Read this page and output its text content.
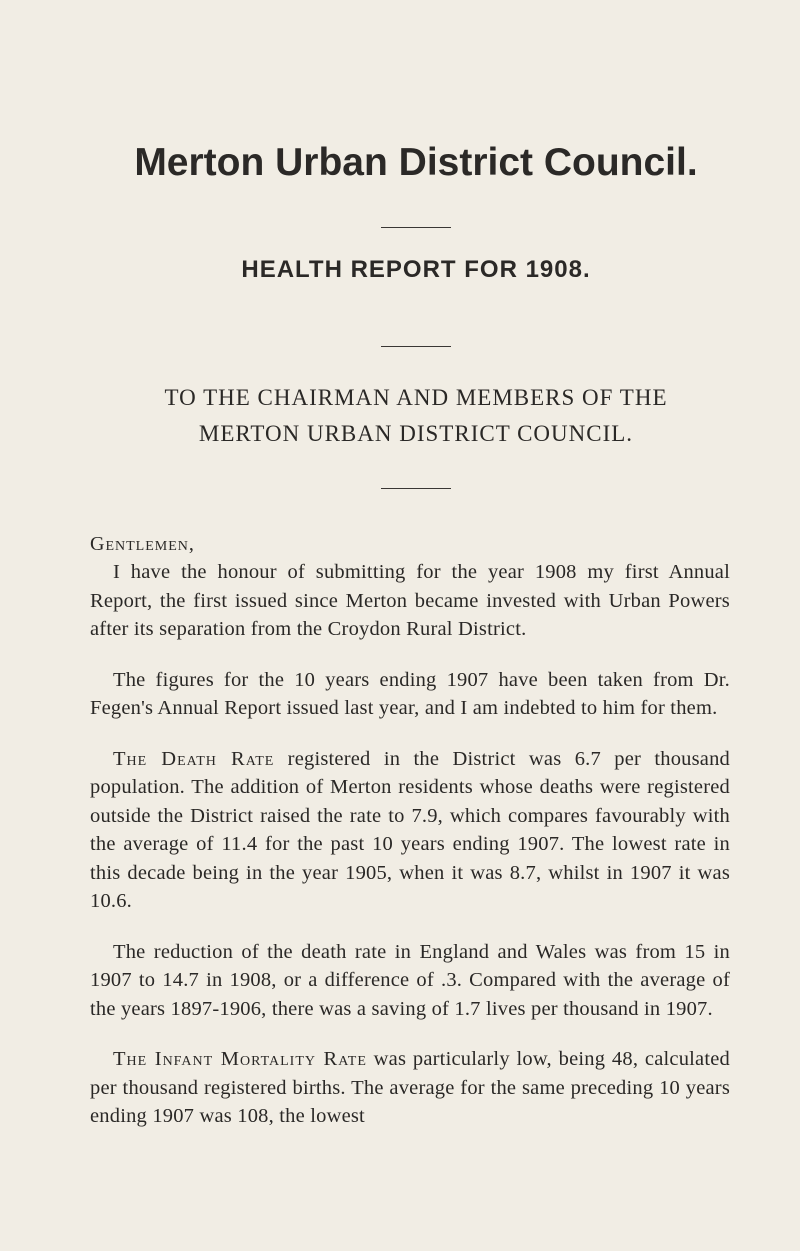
Merton Urban District Council.
HEALTH REPORT FOR 1908.
TO THE CHAIRMAN AND MEMBERS OF THE
MERTON URBAN DISTRICT COUNCIL.
Gentlemen,

I have the honour of submitting for the year 1908 my first Annual Report, the first issued since Merton became invested with Urban Powers after its separation from the Croydon Rural District.

The figures for the 10 years ending 1907 have been taken from Dr. Fegen's Annual Report issued last year, and I am indebted to him for them.

The Death Rate registered in the District was 6.7 per thousand population. The addition of Merton residents whose deaths were registered outside the District raised the rate to 7.9, which compares favourably with the average of 11.4 for the past 10 years ending 1907. The lowest rate in this decade being in the year 1905, when it was 8.7, whilst in 1907 it was 10.6.

The reduction of the death rate in England and Wales was from 15 in 1907 to 14.7 in 1908, or a difference of .3. Compared with the average of the years 1897-1906, there was a saving of 1.7 lives per thousand in 1907.

The Infant Mortality Rate was particularly low, being 48, calculated per thousand registered births. The average for the same preceding 10 years ending 1907 was 108, the lowest
